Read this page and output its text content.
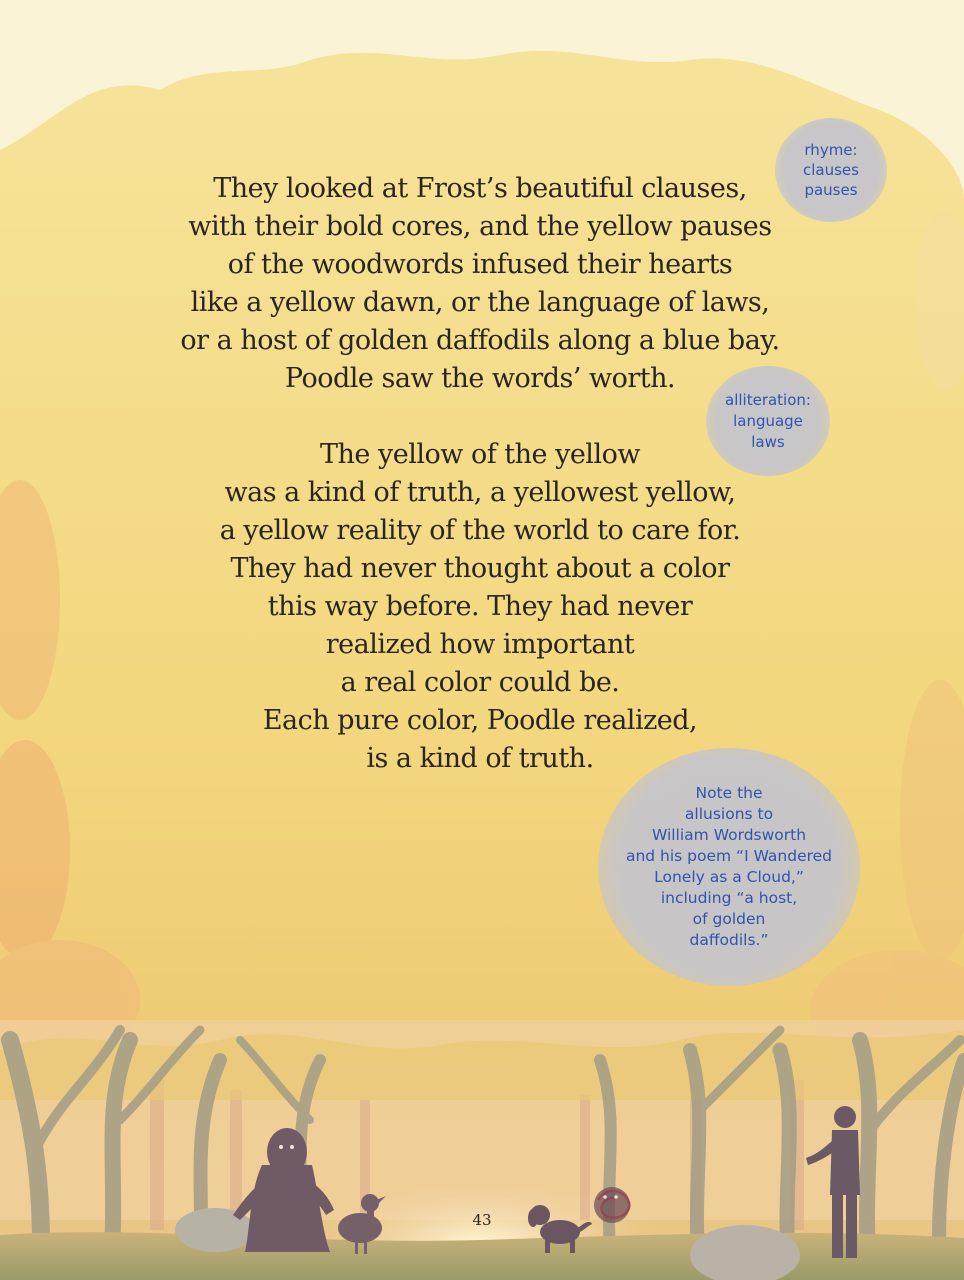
They looked at Frost’s beautiful clauses,
with their bold cores, and the yellow pauses
of the woodwords infused their hearts
like a yellow dawn, or the language of laws,
or a host of golden daffodils along a blue bay.
Poodle saw the words’ worth.
The yellow of the yellow
was a kind of truth, a yellowest yellow,
a yellow reality of the world to care for.
They had never thought about a color
this way before. They had never
realized how important
a real color could be.
Each pure color, Poodle realized,
is a kind of truth.
rhyme:
clauses
pauses
alliteration:
language
laws
Note the
allusions to
William Wordsworth
and his poem “I Wandered
Lonely as a Cloud,”
including “a host,
of golden
daffodils.”
43
